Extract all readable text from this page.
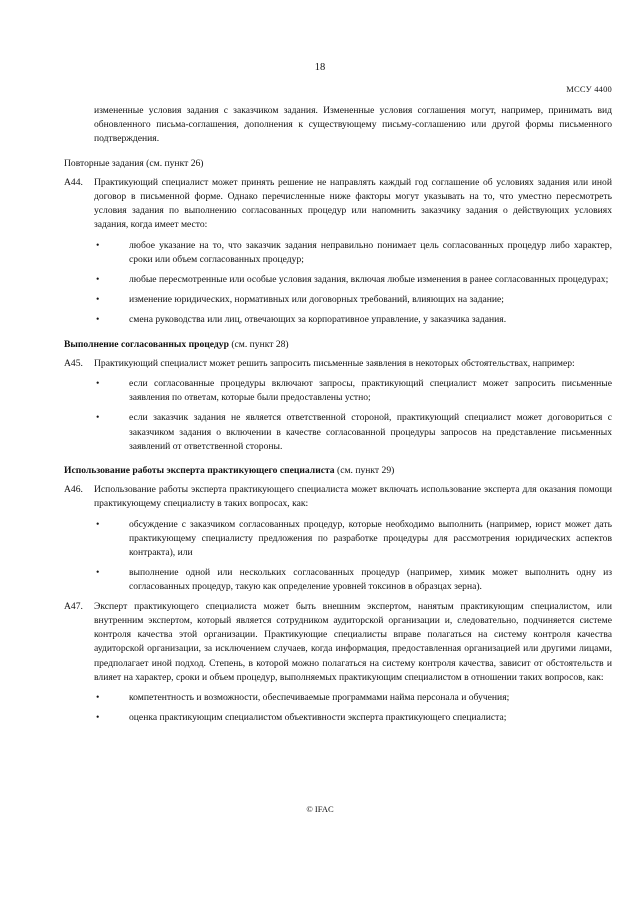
18
МССУ 4400

измененные условия задания с заказчиком задания. Измененные условия соглашения могут, например, принимать вид обновленного письма-соглашения, дополнения к существующему письму-соглашению или другой формы письменного подтверждения.

Повторные задания (см. пункт 26)
A44.	Практикующий специалист может принять решение не направлять каждый год соглашение об условиях задания или иной договор в письменной форме. Однако перечисленные ниже факторы могут указывать на то, что уместно пересмотреть условия задания по выполнению согласованных процедур или напомнить заказчику задания о действующих условиях задания, когда имеет место:
•	любое указание на то, что заказчик задания неправильно понимает цель согласованных процедур либо характер, сроки или объем согласованных процедур;
•	любые пересмотренные или особые условия задания, включая любые изменения в ранее согласованных процедурах;
•	изменение юридических, нормативных или договорных требований, влияющих на задание;
•	смена руководства или лиц, отвечающих за корпоративное управление, у заказчика задания.
Выполнение согласованных процедур (см. пункт 28)
A45.	Практикующий специалист может решить запросить письменные заявления в некоторых обстоятельствах, например:
•	если согласованные процедуры включают запросы, практикующий специалист может запросить письменные заявления по ответам, которые были предоставлены устно;
•	если заказчик задания не является ответственной стороной, практикующий специалист может договориться с заказчиком задания о включении в качестве согласованной процедуры запросов на представление письменных заявлений от ответственной стороны.
Использование работы эксперта практикующего специалиста (см. пункт 29)
A46.	Использование работы эксперта практикующего специалиста может включать использование эксперта для оказания помощи практикующему специалисту в таких вопросах, как:
•	обсуждение с заказчиком согласованных процедур, которые необходимо выполнить (например, юрист может дать практикующему специалисту предложения по разработке процедуры для рассмотрения юридических аспектов контракта), или
•	выполнение одной или нескольких согласованных процедур (например, химик может выполнить одну из согласованных процедур, такую как определение уровней токсинов в образцах зерна).
A47.	Эксперт практикующего специалиста может быть внешним экспертом, нанятым практикующим специалистом, или внутренним экспертом, который является сотрудником аудиторской организации и, следовательно, подчиняется системе контроля качества этой организации. Практикующие специалисты вправе полагаться на систему контроля качества аудиторской организации, за исключением случаев, когда информация, предоставленная организацией или другими лицами, предполагает иной подход. Степень, в которой можно полагаться на систему контроля качества, зависит от обстоятельств и влияет на характер, сроки и объем процедур, выполняемых практикующим специалистом в отношении таких вопросов, как:
•	компетентность и возможности, обеспечиваемые программами найма персонала и обучения;
•	оценка практикующим специалистом объективности эксперта практикующего специалиста;
© IFAC
